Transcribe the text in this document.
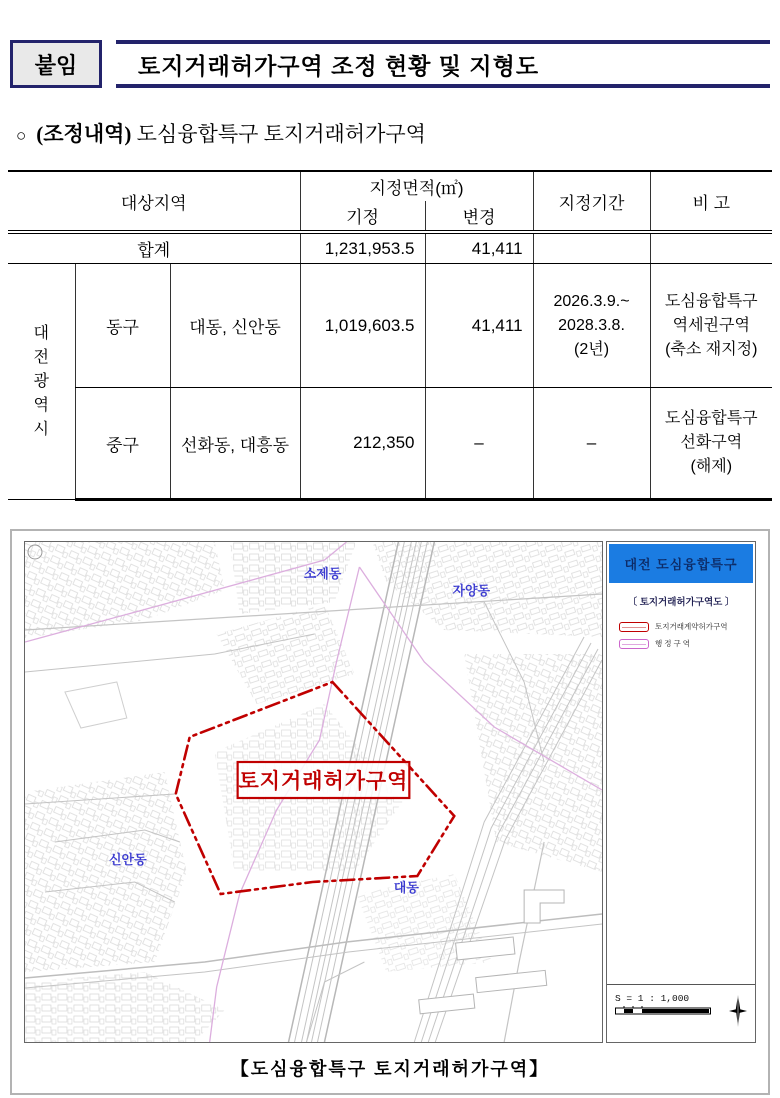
붙임	토지거래허가구역 조정 현황 및 지형도
○ (조정내역) 도심융합특구 토지거래허가구역
대상지역			지정면적(㎡)		지정기간	비 고
			기정	변경		
합계			1,231,953.5	41,411		

대
전
광
역
시	동구	대동, 신안동	1,019,603.5	41,411	2026.3.9.~
2028.3.8.
(2년)	도심융합특구
역세권구역
(축소 재지정)

	중구	선화동, 대흥동	212,350	–	–	도심융합특구
선화구역
(해제)
토지거래허가구역
소제동
자양동
신안동
대동
대전 도심융합특구
〔 토지거래허가구역도 〕
토지거래계약허가구역
행정구역
S = 1 : 1,000
【도심융합특구 토지거래허가구역】
